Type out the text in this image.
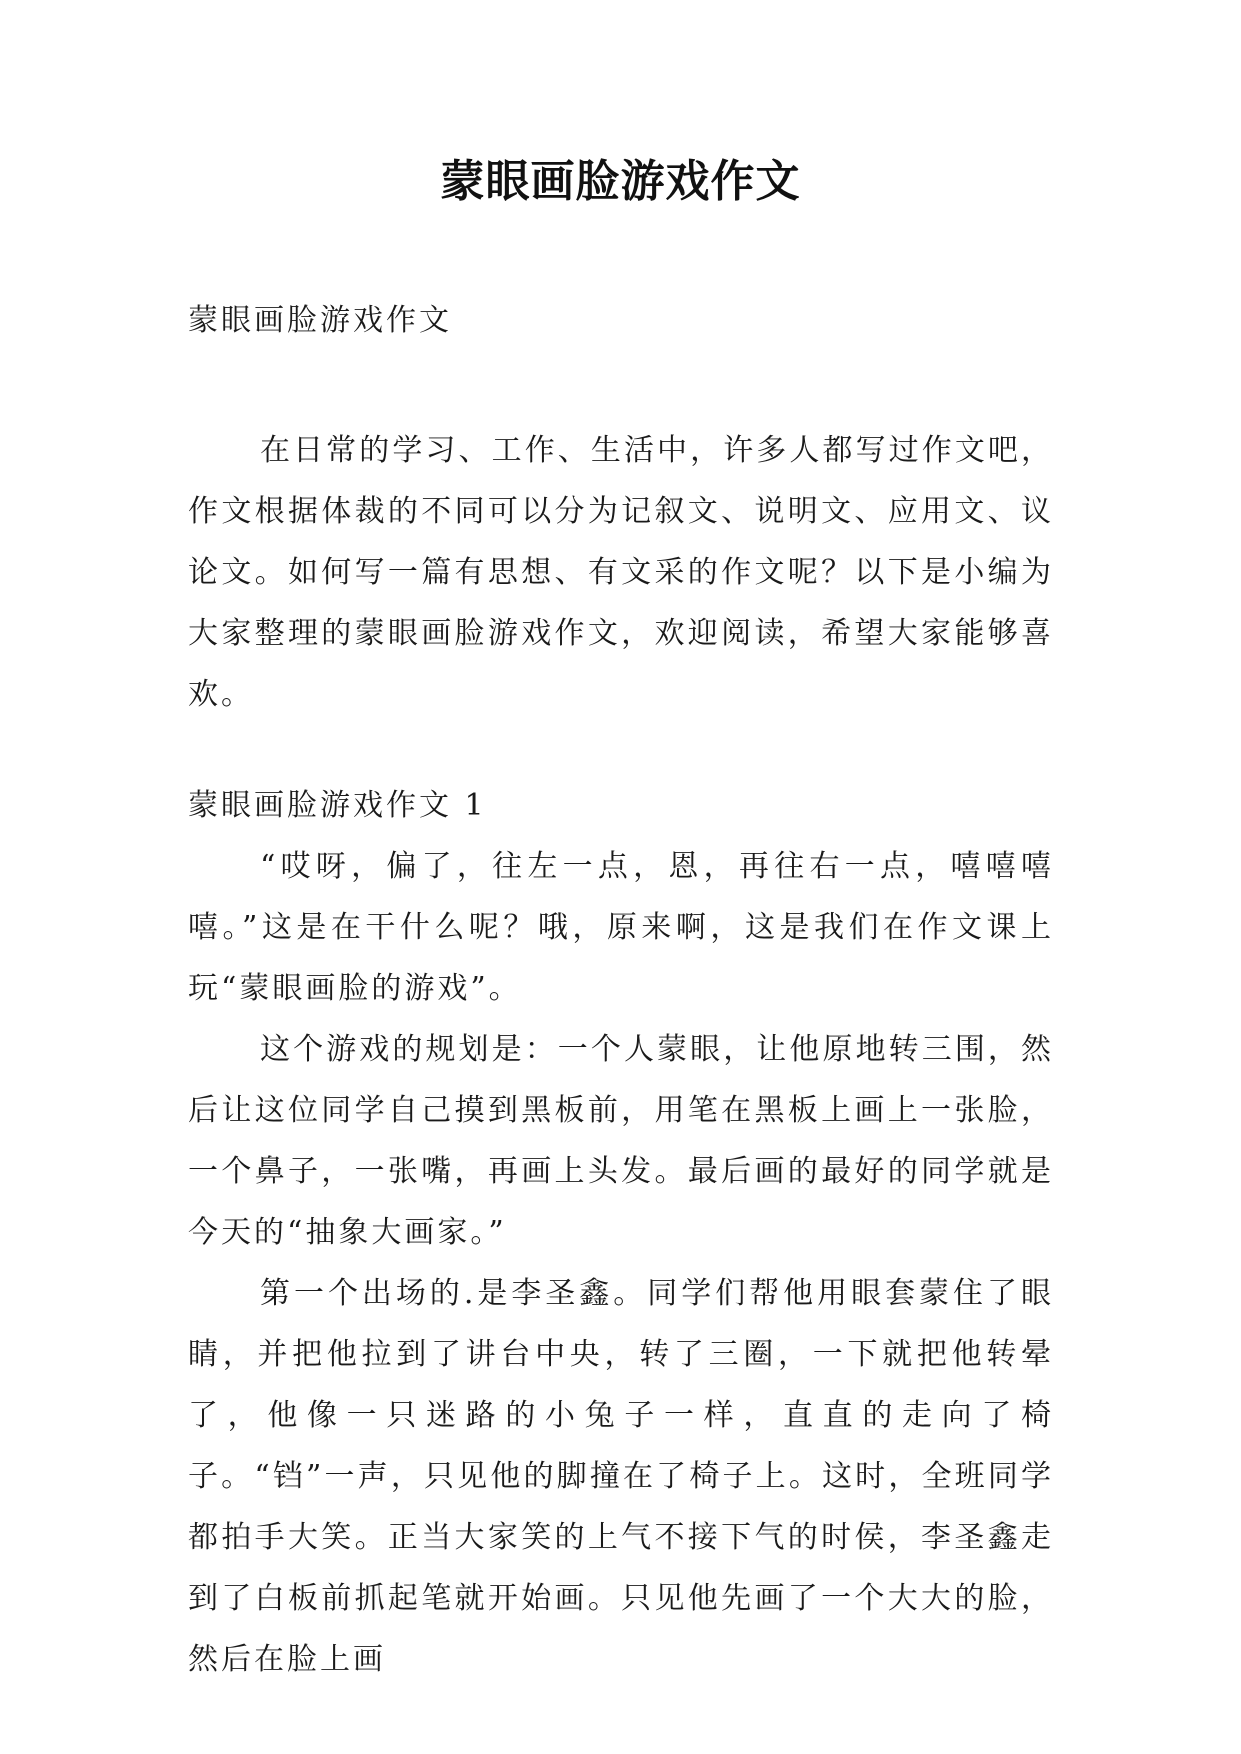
蒙眼画脸游戏作文

蒙眼画脸游戏作文

在日常的学习、工作、生活中，许多人都写过作文吧，作文根据体裁的不同可以分为记叙文、说明文、应用文、议论文。如何写一篇有思想、有文采的作文呢？以下是小编为大家整理的蒙眼画脸游戏作文，欢迎阅读，希望大家能够喜欢。

蒙眼画脸游戏作文 1

“哎呀，偏了，往左一点，恩，再往右一点，嘻嘻嘻嘻。”这是在干什么呢？哦，原来啊，这是我们在作文课上玩“蒙眼画脸的游戏”。

这个游戏的规划是：一个人蒙眼，让他原地转三围，然后让这位同学自己摸到黑板前，用笔在黑板上画上一张脸，一个鼻子，一张嘴，再画上头发。最后画的最好的同学就是今天的“抽象大画家。”

第一个出场的.是李圣鑫。同学们帮他用眼套蒙住了眼睛，并把他拉到了讲台中央，转了三圈，一下就把他转晕了，他像一只迷路的小兔子一样，直直的走向了椅子。“铛”一声，只见他的脚撞在了椅子上。这时，全班同学都拍手大笑。正当大家笑的上气不接下气的时侯，李圣鑫走到了白板前抓起笔就开始画。只见他先画了一个大大的脸，然后在脸上画
